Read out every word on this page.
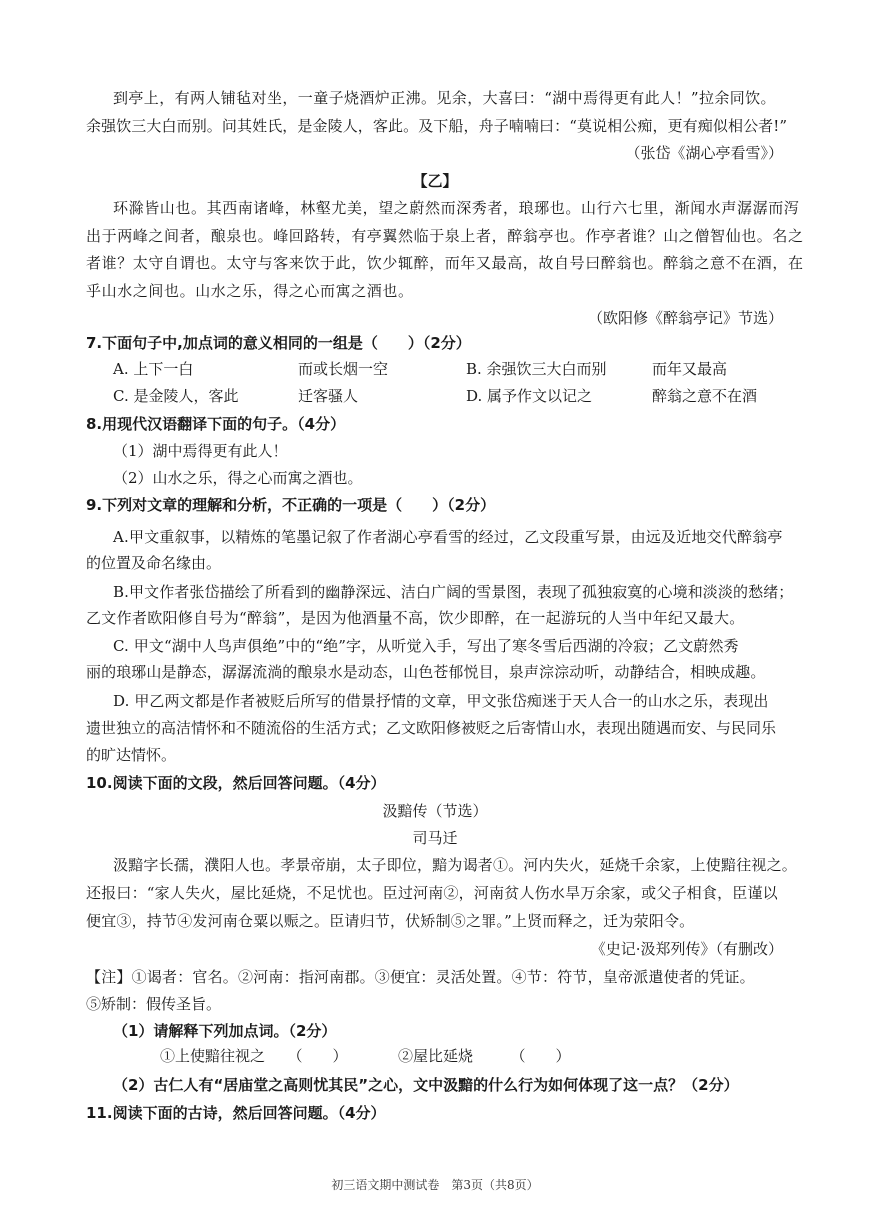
到亭上，有两人铺毡对坐，一童子烧酒炉正沸。见余，大喜曰：“湖中焉得更有此人！”拉余同饮。
余强饮三大白而别。问其姓氏，是金陵人，客此。及下船，舟子喃喃曰：“莫说相公痴，更有痴似相公者!”
（张岱《湖心亭看雪》）
【乙】
环滁皆山也。其西南诸峰，林壑尤美，望之蔚然而深秀者，琅琊也。山行六七里，渐闻水声潺潺而泻
出于两峰之间者，酿泉也。峰回路转，有亭翼然临于泉上者，醉翁亭也。作亭者谁？山之僧智仙也。名之
者谁？太守自谓也。太守与客来饮于此，饮少辄醉，而年又最高，故自号曰醉翁也。醉翁之意不在酒，在
乎山水之间也。山水之乐，得之心而寓之酒也。
（欧阳修《醉翁亭记》节选）
7.下面句子中,加点词的意义相同的一组是（　　）（2分）
A. 上下一白	而或长烟一空	B. 余强饮三大白而别	而年又最高
C. 是金陵人，客此	迁客骚人	D. 属予作文以记之	醉翁之意不在酒
8.用现代汉语翻译下面的句子。（4分）
（1）湖中焉得更有此人！
（2）山水之乐，得之心而寓之酒也。
9.下列对文章的理解和分析，不正确的一项是（　　）（2分）
A.甲文重叙事，以精炼的笔墨记叙了作者湖心亭看雪的经过，乙文段重写景，由远及近地交代醉翁亭
的位置及命名缘由。
B.甲文作者张岱描绘了所看到的幽静深远、洁白广阔的雪景图，表现了孤独寂寞的心境和淡淡的愁绪；
乙文作者欧阳修自号为“醉翁”，是因为他酒量不高，饮少即醉，在一起游玩的人当中年纪又最大。
C. 甲文“湖中人鸟声俱绝”中的“绝”字，从听觉入手，写出了寒冬雪后西湖的冷寂；乙文蔚然秀
丽的琅琊山是静态，潺潺流淌的酿泉水是动态，山色苍郁悦目，泉声淙淙动听，动静结合，相映成趣。
D. 甲乙两文都是作者被贬后所写的借景抒情的文章，甲文张岱痴迷于天人合一的山水之乐，表现出
遗世独立的高洁情怀和不随流俗的生活方式；乙文欧阳修被贬之后寄情山水，表现出随遇而安、与民同乐
的旷达情怀。
10.阅读下面的文段，然后回答问题。（4分）
汲黯传（节选）
司马迁
汲黯字长孺，濮阳人也。孝景帝崩，太子即位，黯为谒者①。河内失火，延烧千余家，上使黯往视之。
还报曰：“家人失火，屋比延烧，不足忧也。臣过河南②，河南贫人伤水旱万余家，或父子相食，臣谨以
便宜③，持节④发河南仓粟以赈之。臣请归节，伏矫制⑤之罪。”上贤而释之，迁为荥阳令。
《史记·汲郑列传》（有删改）
【注】①谒者：官名。②河南：指河南郡。③便宜：灵活处置。④节：符节，皇帝派遣使者的凭证。
⑤矫制：假传圣旨。
（1）请解释下列加点词。（2分）
①上使黯往视之　　（　　）	②屋比延烧　　　（　　）
（2）古仁人有“居庙堂之高则忧其民”之心，文中汲黯的什么行为如何体现了这一点？（2分）
11.阅读下面的古诗，然后回答问题。（4分）
初三语文期中测试卷　第3页（共8页）
